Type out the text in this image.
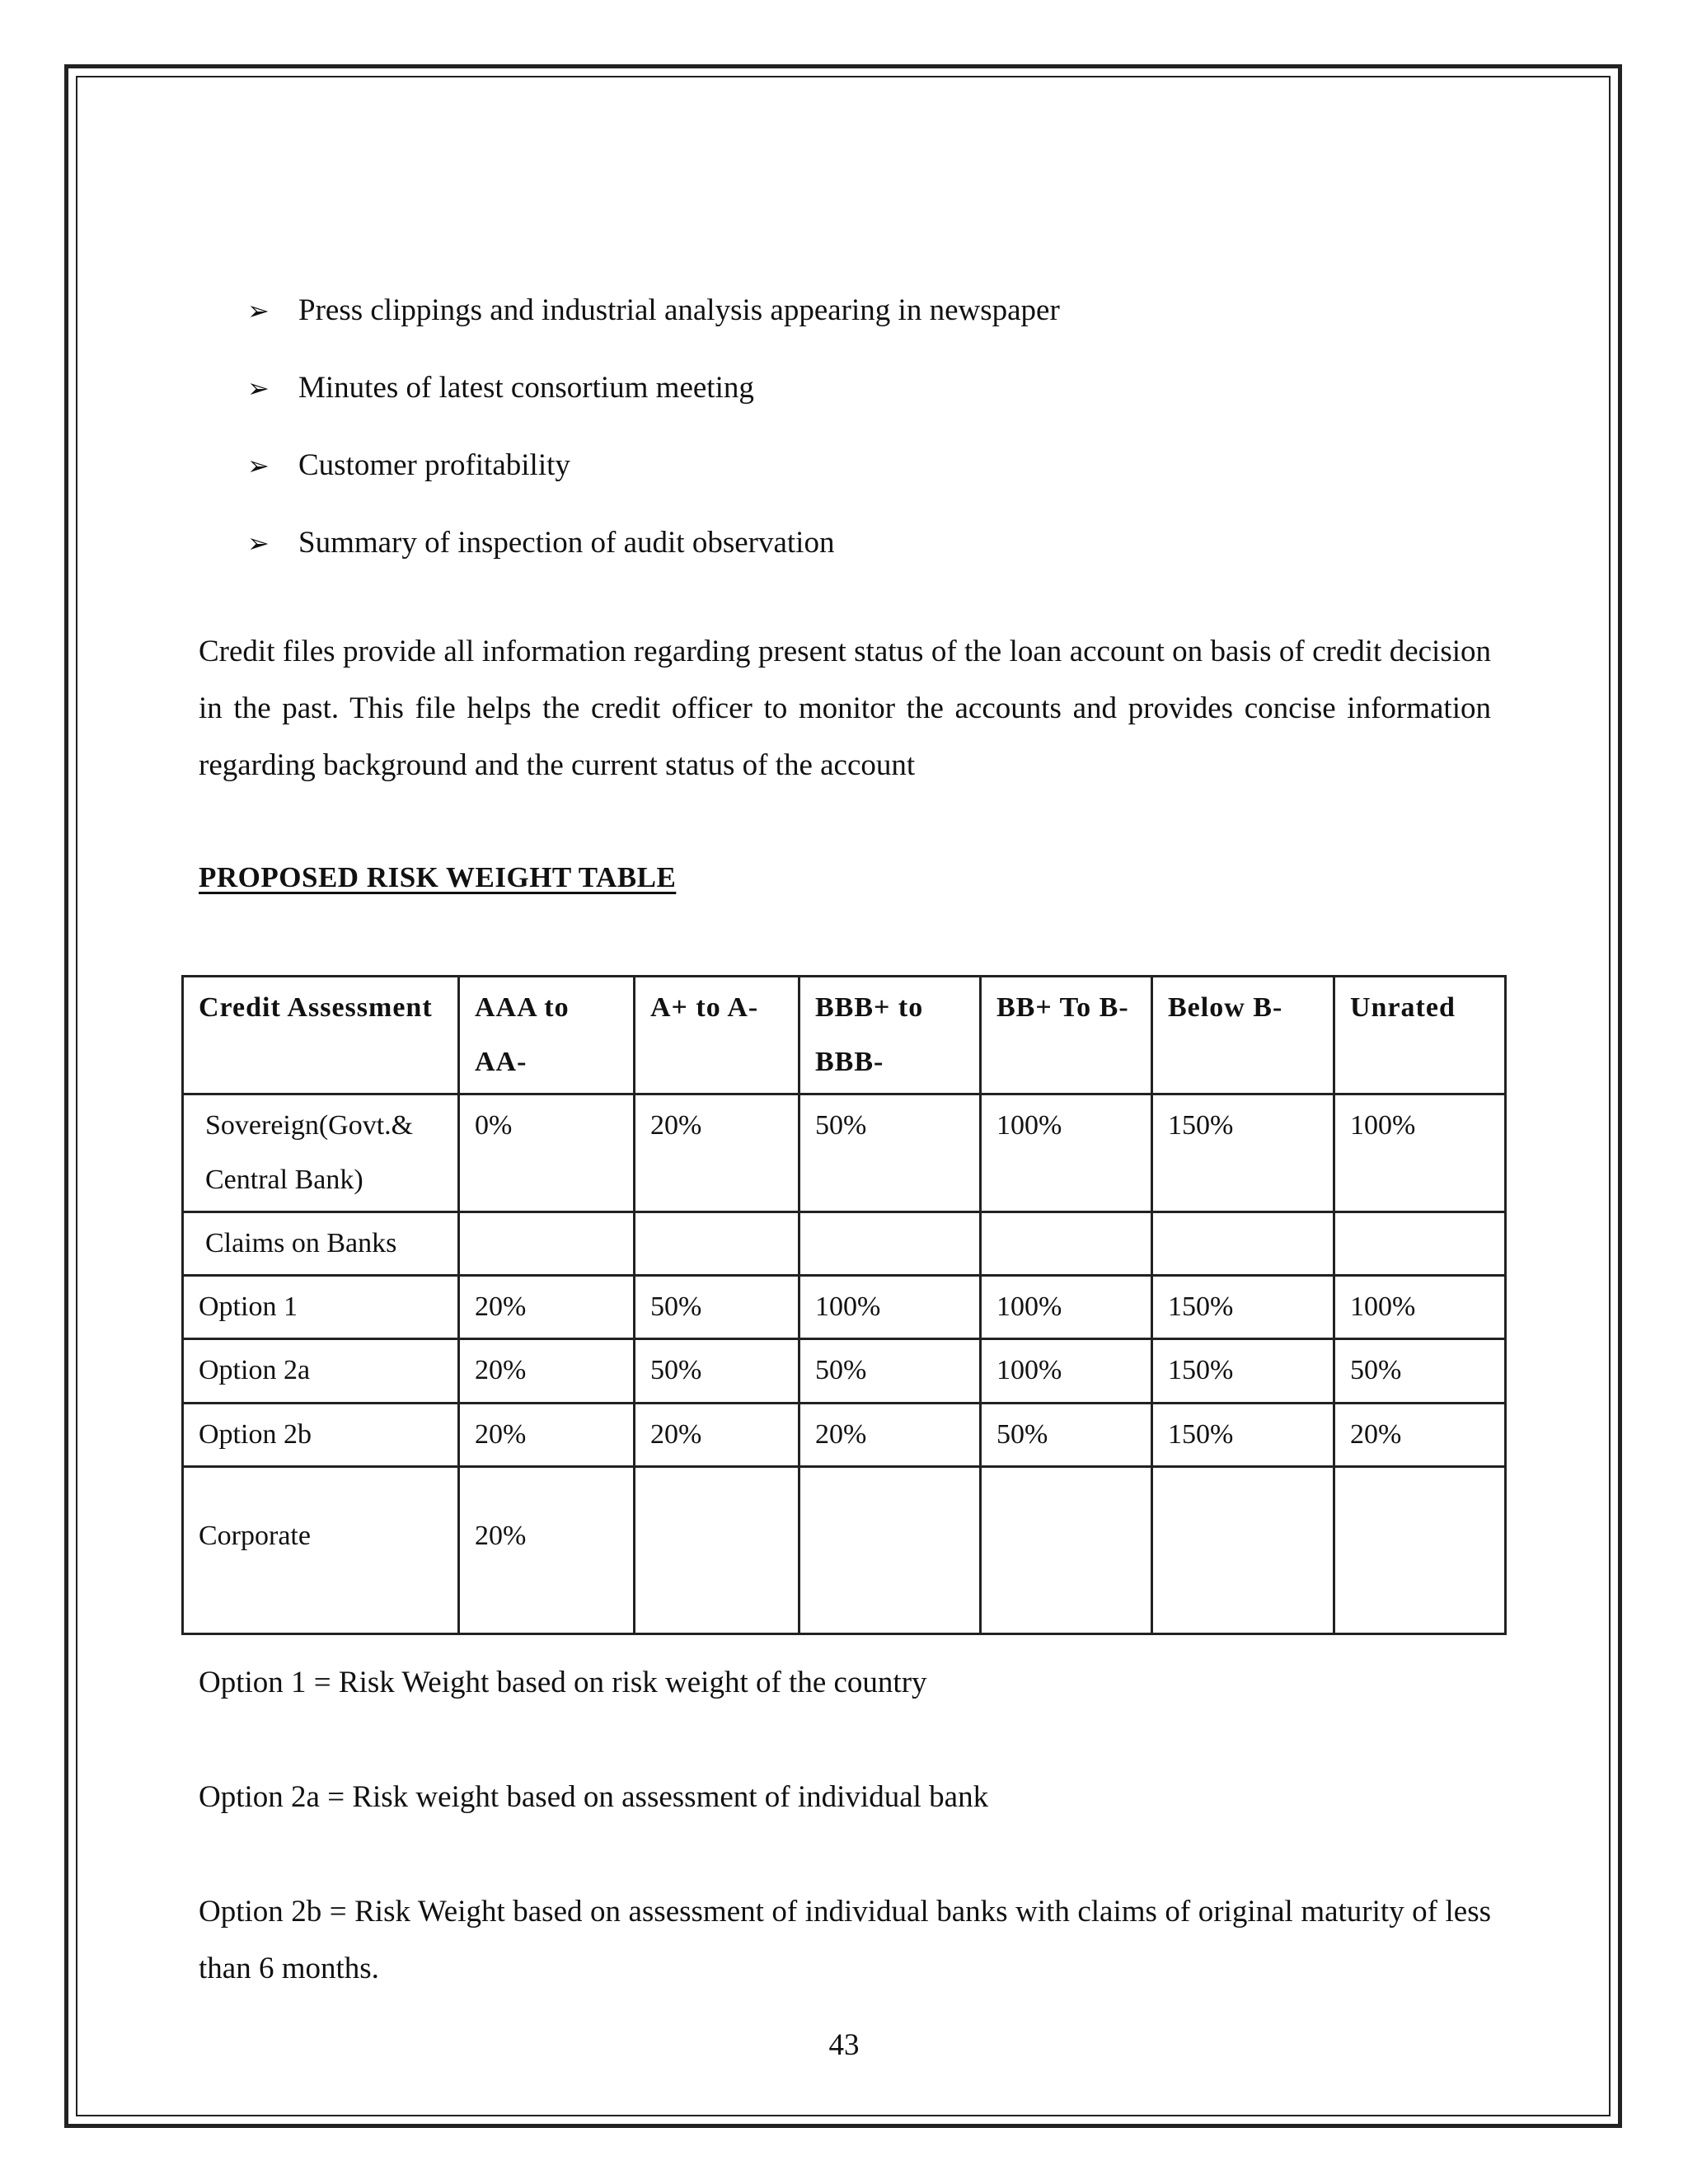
➢ Press clippings and industrial analysis appearing in newspaper
➢ Minutes of latest consortium meeting
➢ Customer profitability
➢ Summary of inspection of audit observation

Credit files provide all information regarding present status of the loan account on basis of credit decision in the past. This file helps the credit officer to monitor the accounts and provides concise information regarding background and the current status of the account

PROPOSED RISK WEIGHT TABLE
Credit Assessment	AAA to AA-	A+ to A-	BBB+ to BBB-	BB+ To B-	Below B-	Unrated
Sovereign(Govt.& Central Bank)	0%	20%	50%	100%	150%	100%
Claims on Banks						
Option 1	20%	50%	100%	100%	150%	100%
Option 2a	20%	50%	50%	100%	150%	50%
Option 2b	20%	20%	20%	50%	150%	20%
Corporate	20%					

Option 1 = Risk Weight based on risk weight of the country

Option 2a = Risk weight based on assessment of individual bank

Option 2b = Risk Weight based on assessment of individual banks with claims of original maturity of less than 6 months.

43
